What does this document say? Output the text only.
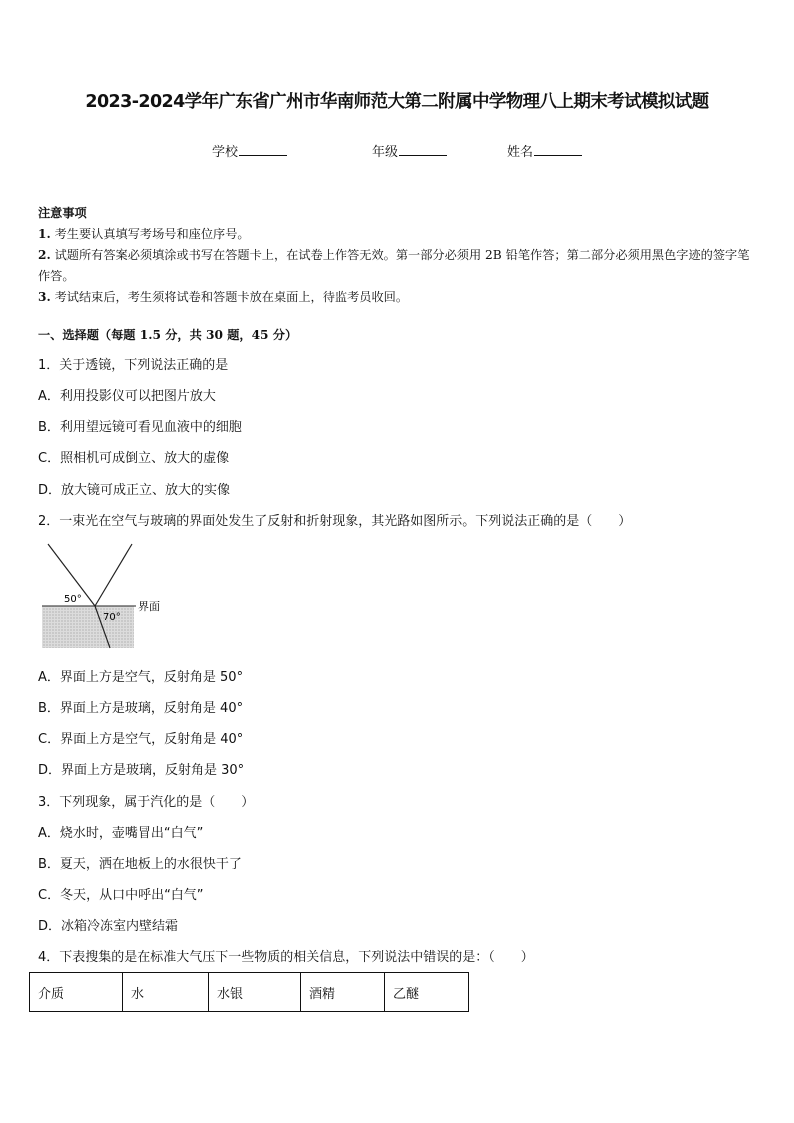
2023-2024学年广东省广州市华南师范大第二附属中学物理八上期末考试模拟试题
学校	年级	姓名
注意事项
1. 考生要认真填写考场号和座位序号。
2. 试题所有答案必须填涂或书写在答题卡上，在试卷上作答无效。第一部分必须用 2B 铅笔作答；第二部分必须用黑色字迹的签字笔作答。
3. 考试结束后，考生须将试卷和答题卡放在桌面上，待监考员收回。
一、选择题（每题 1.5 分，共 30 题，45 分）
1．关于透镜，下列说法正确的是
A．利用投影仪可以把图片放大
B．利用望远镜可看见血液中的细胞
C．照相机可成倒立、放大的虚像
D．放大镜可成正立、放大的实像
2．一束光在空气与玻璃的界面处发生了反射和折射现象，其光路如图所示。下列说法正确的是（　　）
50°
70°
界面
A．界面上方是空气，反射角是 50°
B．界面上方是玻璃，反射角是 40°
C．界面上方是空气，反射角是 40°
D．界面上方是玻璃，反射角是 30°
3．下列现象，属于汽化的是（　　）
A．烧水时，壶嘴冒出“白气”
B．夏天，洒在地板上的水很快干了
C．冬天，从口中呼出“白气”
D．冰箱冷冻室内壁结霜
4．下表搜集的是在标准大气压下一些物质的相关信息，下列说法中错误的是：（　　）
介质	水	水银	酒精	乙醚
